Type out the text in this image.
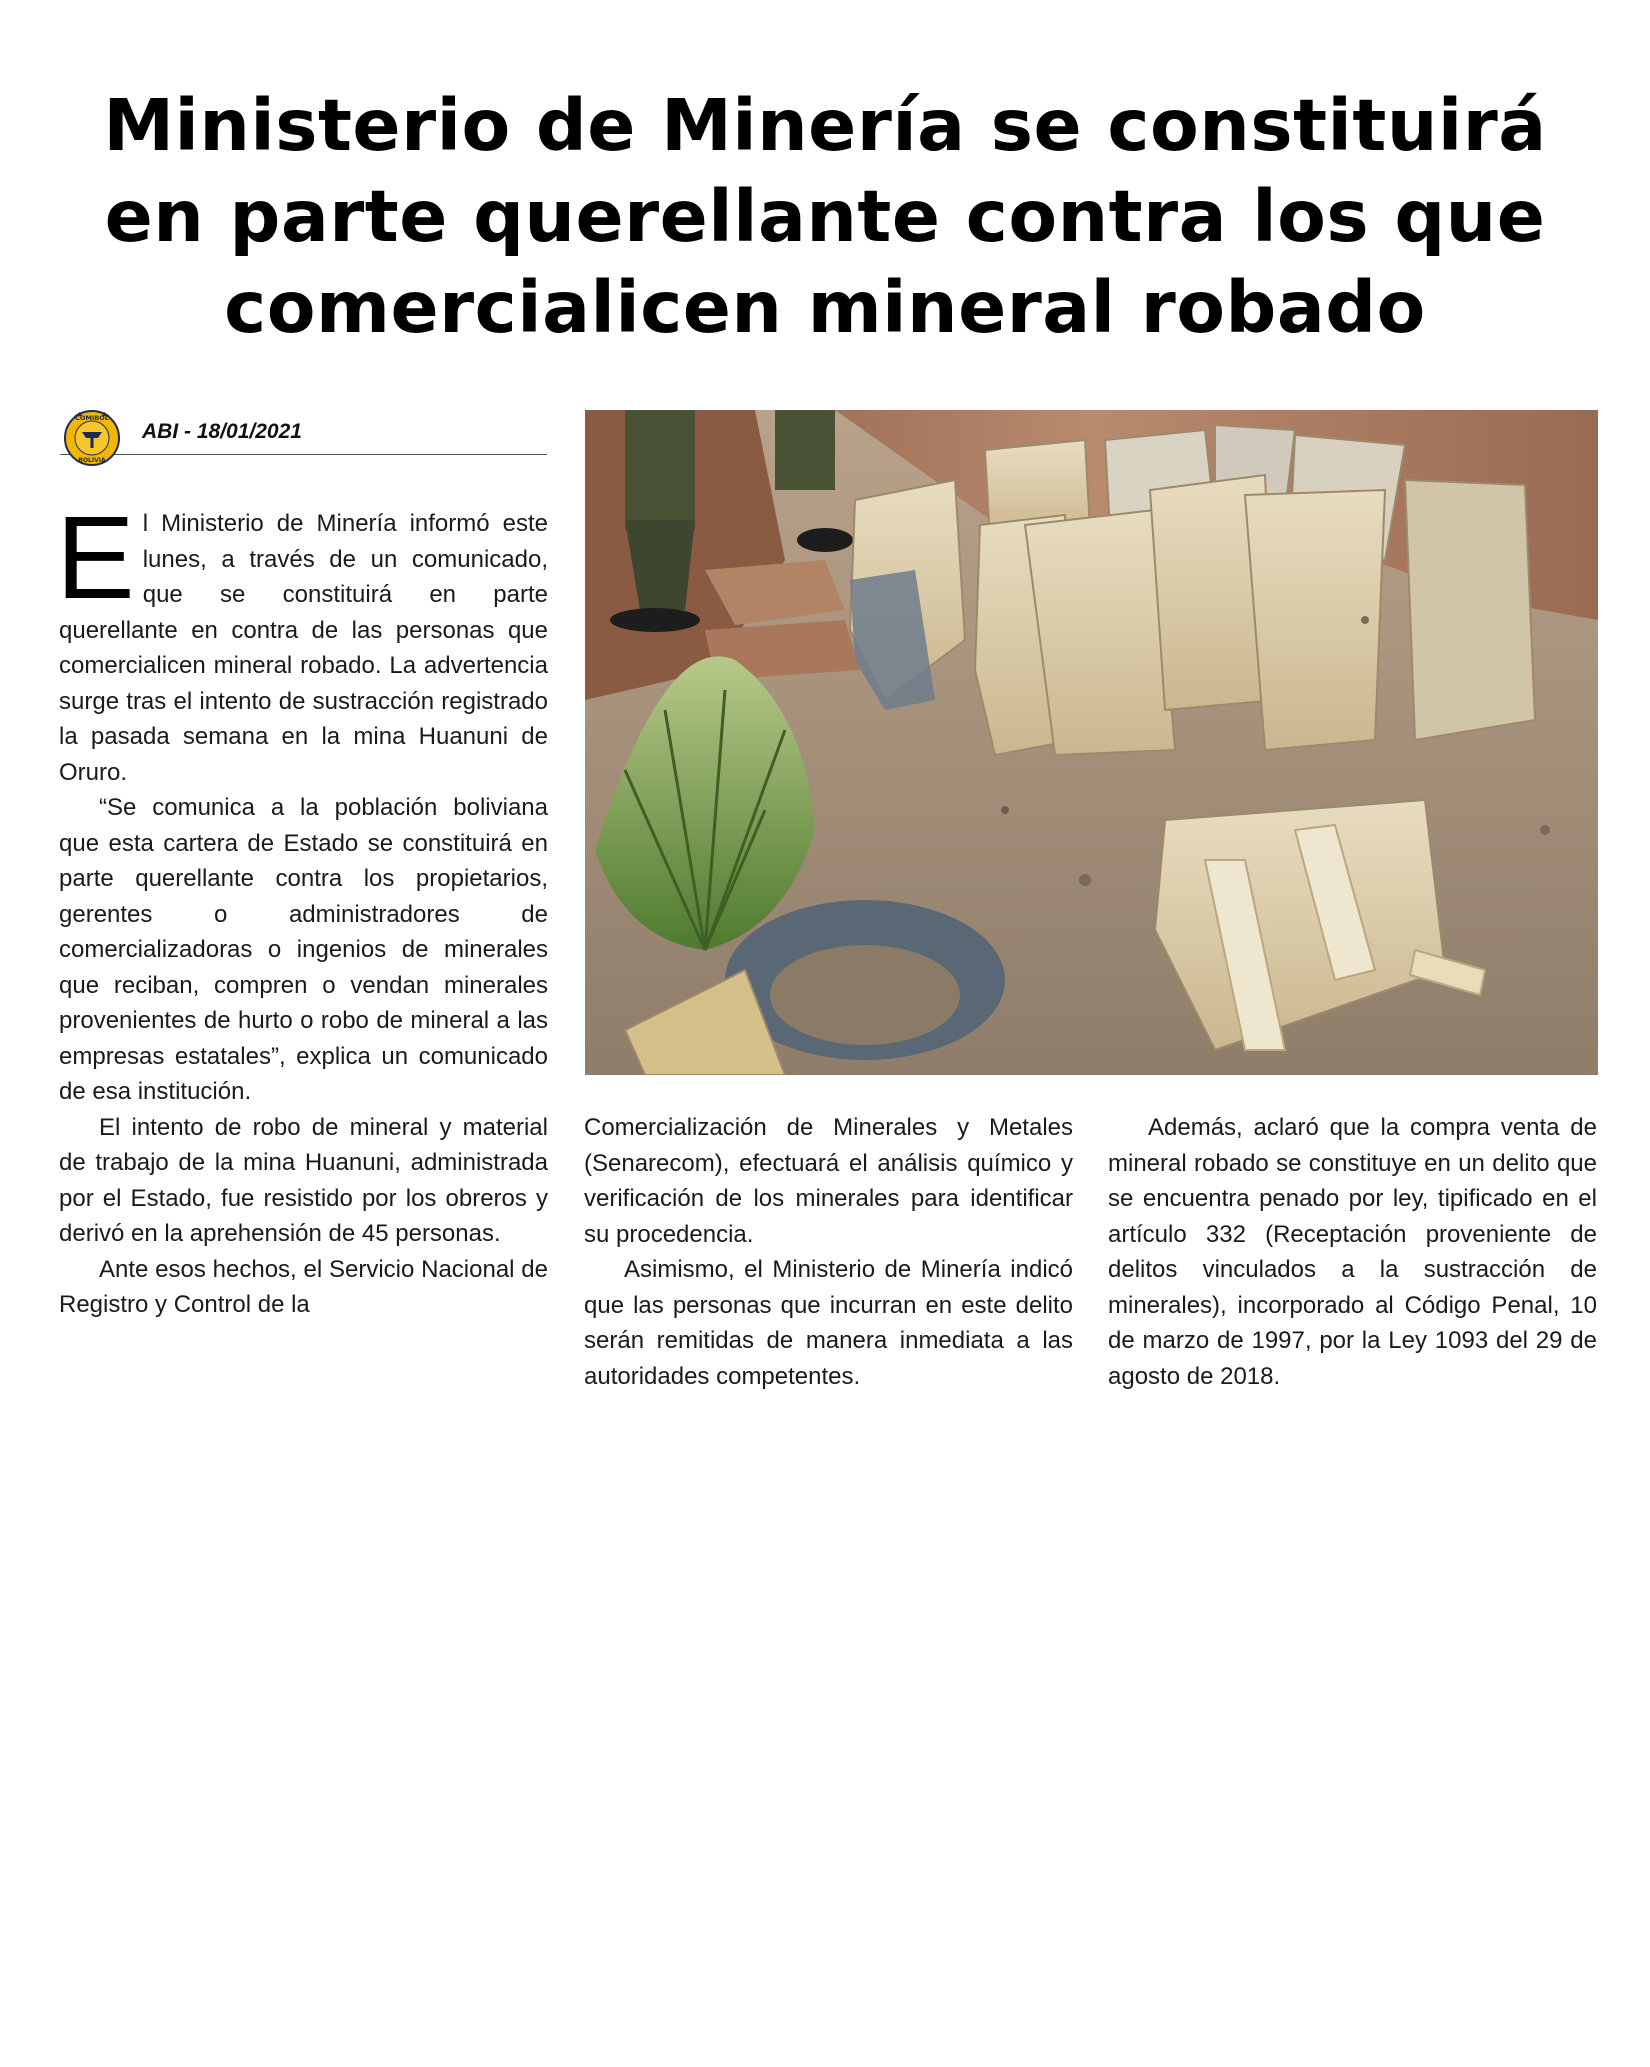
Ministerio de Minería se constituirá
en parte querellante contra los que
comercialicen mineral robado
COMIBOL
BOLIVIA
ABI - 18/01/2021

El Ministerio de Minería informó este lunes, a través de un comunicado, que se constituirá en parte querellante en contra de las personas que comercialicen mineral robado. La advertencia surge tras el intento de sustracción registrado la pasada semana en la mina Huanuni de Oruro.

“Se comunica a la población boliviana que esta cartera de Estado se constituirá en parte querellante contra los propietarios, gerentes o administradores de comercializadoras o ingenios de minerales que reciban, compren o vendan minerales provenientes de hurto o robo de mineral a las empresas estatales”, explica un comunicado de esa institución.

El intento de robo de mineral y material de trabajo de la mina Huanuni, administrada por el Estado, fue resistido por los obreros y derivó en la aprehensión de 45 personas.

Ante esos hechos, el Servicio Nacional de Registro y Control de la

Comercialización de Minerales y Metales (Senarecom), efectuará el análisis químico y verificación de los minerales para identificar su procedencia.

Asimismo, el Ministerio de Minería indicó que las personas que incurran en este delito serán remitidas de manera inmediata a las autoridades competentes.

Además, aclaró que la compra venta de mineral robado se constituye en un delito que se encuentra penado por ley, tipificado en el artículo 332 (Receptación proveniente de delitos vinculados a la sustracción de minerales), incorporado al Código Penal, 10 de marzo de 1997, por la Ley 1093 del 29 de agosto de 2018.
